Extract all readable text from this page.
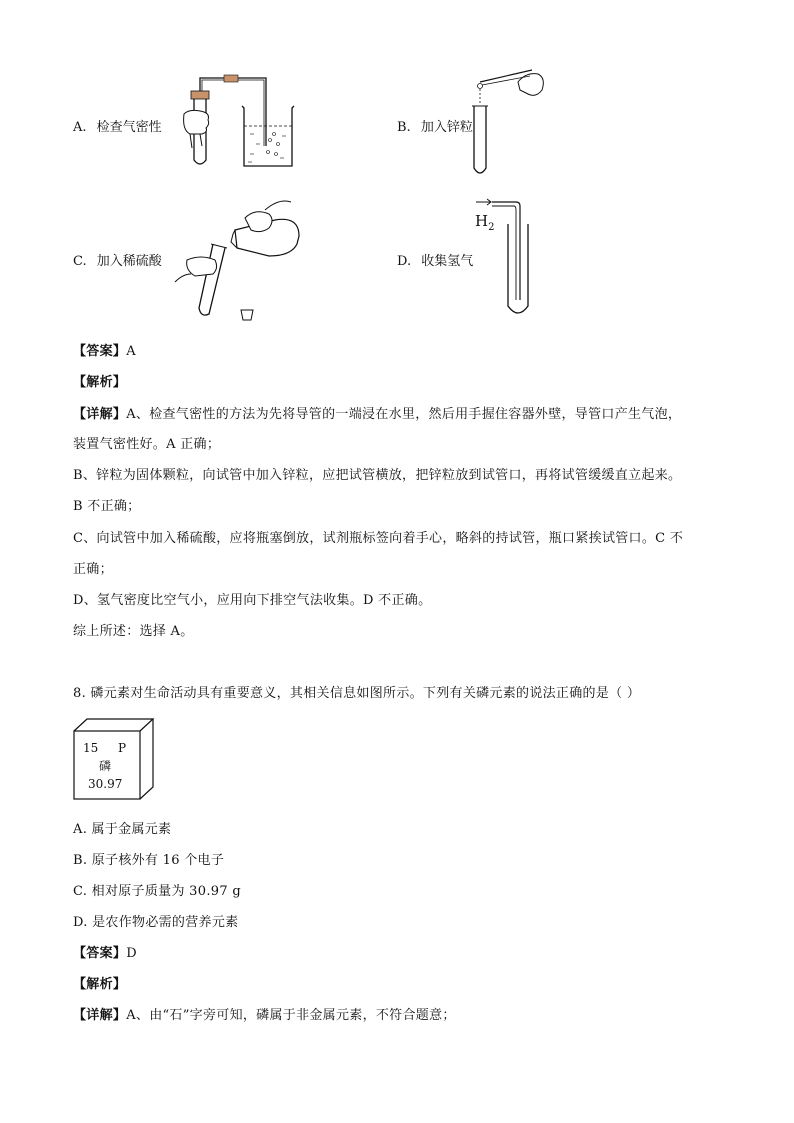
A. 检查气密性	B. 加入锌粒
C. 加入稀硫酸	D. 收集氢气
$H_2$
【答案】A
【解析】
【详解】A、检查气密性的方法为先将导管的一端浸在水里，然后用手握住容器外壁，导管口产生气泡，
装置气密性好。A 正确；
B、锌粒为固体颗粒，向试管中加入锌粒，应把试管横放，把锌粒放到试管口，再将试管缓缓直立起来。
B 不正确；
C、向试管中加入稀硫酸，应将瓶塞倒放，试剂瓶标签向着手心，略斜的持试管，瓶口紧挨试管口。C 不
正确；
D、氢气密度比空气小，应用向下排空气法收集。D 不正确。
综上所述：选择 A。
8. 磷元素对生命活动具有重要意义，其相关信息如图所示。下列有关磷元素的说法正确的是（ ）
15 P
磷
30.97
A. 属于金属元素
B. 原子核外有 16 个电子
C. 相对原子质量为 30.97 g
D. 是农作物必需的营养元素
【答案】D
【解析】
【详解】A、由“石”字旁可知，磷属于非金属元素，不符合题意；
